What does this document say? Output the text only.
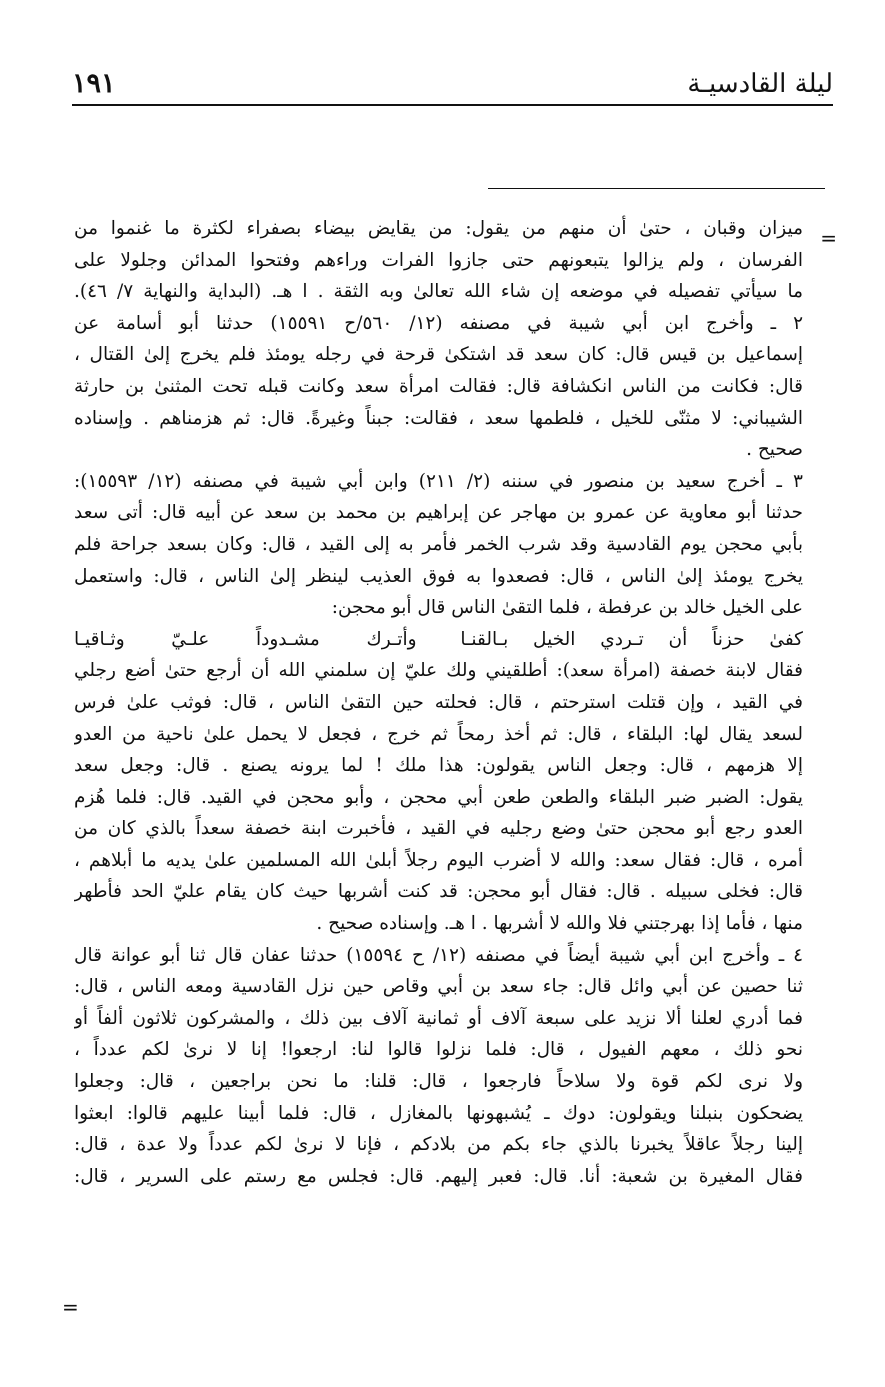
ليلة القادسيـة
١٩١
=
ميزان وقبان ، حتىٰ أن منهم من يقول: من يقايض بيضاء بصفراء لكثرة ما غنموا من
الفرسان ، ولم يزالوا يتبعونهم حتى جازوا الفرات وراءهم وفتحوا المدائن وجلولا على
ما سيأتي تفصيله في موضعه إن شاء الله تعالىٰ وبه الثقة . ا هـ. (البداية والنهاية ٧/ ٤٦).
٢ ـ وأخرج ابن أبي شيبة في مصنفه (١٢/ ٥٦٠/ح ١٥٥٩١) حدثنا أبو أسامة عن
إسماعيل بن قيس قال: كان سعد قد اشتكىٰ قرحة في رجله يومئذ فلم يخرج إلىٰ القتال ،
قال: فكانت من الناس انكشافة قال: فقالت امرأة سعد وكانت قبله تحت المثنىٰ بن حارثة
الشيباني: لا مثنّى للخيل ، فلطمها سعد ، فقالت: جبناً وغيرةً. قال: ثم هزمناهم . وإسناده
صحيح .
٣ ـ أخرج سعيد بن منصور في سننه (٢/ ٢١١) وابن أبي شيبة في مصنفه (١٢/ ١٥٥٩٣):
حدثنا أبو معاوية عن عمرو بن مهاجر عن إبراهيم بن محمد بن سعد عن أبيه قال: أتى سعد
بأبي محجن يوم القادسية وقد شرب الخمر فأمر به إلى القيد ، قال: وكان بسعد جراحة فلم
يخرج يومئذ إلىٰ الناس ، قال: فصعدوا به فوق العذيب لينظر إلىٰ الناس ، قال: واستعمل
على الخيل خالد بن عرفطة ، فلما التقىٰ الناس قال أبو محجن:
كفىٰ حزناً أن تـردي الخيل بـالقنـا
وأتـرك مشـدوداً علـيّ وثـاقيـا
فقال لابنة خصفة (امرأة سعد): أطلقيني ولك عليّ إن سلمني الله أن أرجع حتىٰ أضع رجلي
في القيد ، وإن قتلت استرحتم ، قال: فحلته حين التقىٰ الناس ، قال: فوثب علىٰ فرس
لسعد يقال لها: البلقاء ، قال: ثم أخذ رمحاً ثم خرج ، فجعل لا يحمل علىٰ ناحية من العدو
إلا هزمهم ، قال: وجعل الناس يقولون: هذا ملك ! لما يرونه يصنع . قال: وجعل سعد
يقول: الضبر ضبر البلقاء والطعن طعن أبي محجن ، وأبو محجن في القيد. قال: فلما هُزم
العدو رجع أبو محجن حتىٰ وضع رجليه في القيد ، فأخبرت ابنة خصفة سعداً بالذي كان من
أمره ، قال: فقال سعد: والله لا أضرب اليوم رجلاً أبلىٰ الله المسلمين علىٰ يديه ما أبلاهم ،
قال: فخلى سبيله . قال: فقال أبو محجن: قد كنت أشربها حيث كان يقام عليّ الحد فأطهر
منها ، فأما إذا بهرجتني فلا والله لا أشربها . ا هـ. وإسناده صحيح .
٤ ـ وأخرج ابن أبي شيبة أيضاً في مصنفه (١٢/ ح ١٥٥٩٤) حدثنا عفان قال ثنا أبو عوانة قال
ثنا حصين عن أبي وائل قال: جاء سعد بن أبي وقاص حين نزل القادسية ومعه الناس ، قال:
فما أدري لعلنا ألا نزيد على سبعة آلاف أو ثمانية آلاف بين ذلك ، والمشركون ثلاثون ألفاً أو
نحو ذلك ، معهم الفيول ، قال: فلما نزلوا قالوا لنا: ارجعوا! إنا لا نرىٰ لكم عدداً ،
ولا نرى لكم قوة ولا سلاحاً فارجعوا ، قال: قلنا: ما نحن براجعين ، قال: وجعلوا
يضحكون بنبلنا ويقولون: دوك ـ يُشبهونها بالمغازل ، قال: فلما أبينا عليهم قالوا: ابعثوا
إلينا رجلاً عاقلاً يخبرنا بالذي جاء بكم من بلادكم ، فإنا لا نرىٰ لكم عدداً ولا عدة ، قال:
فقال المغيرة بن شعبة: أنا. قال: فعبر إليهم. قال: فجلس مع رستم على السرير ، قال:
=
